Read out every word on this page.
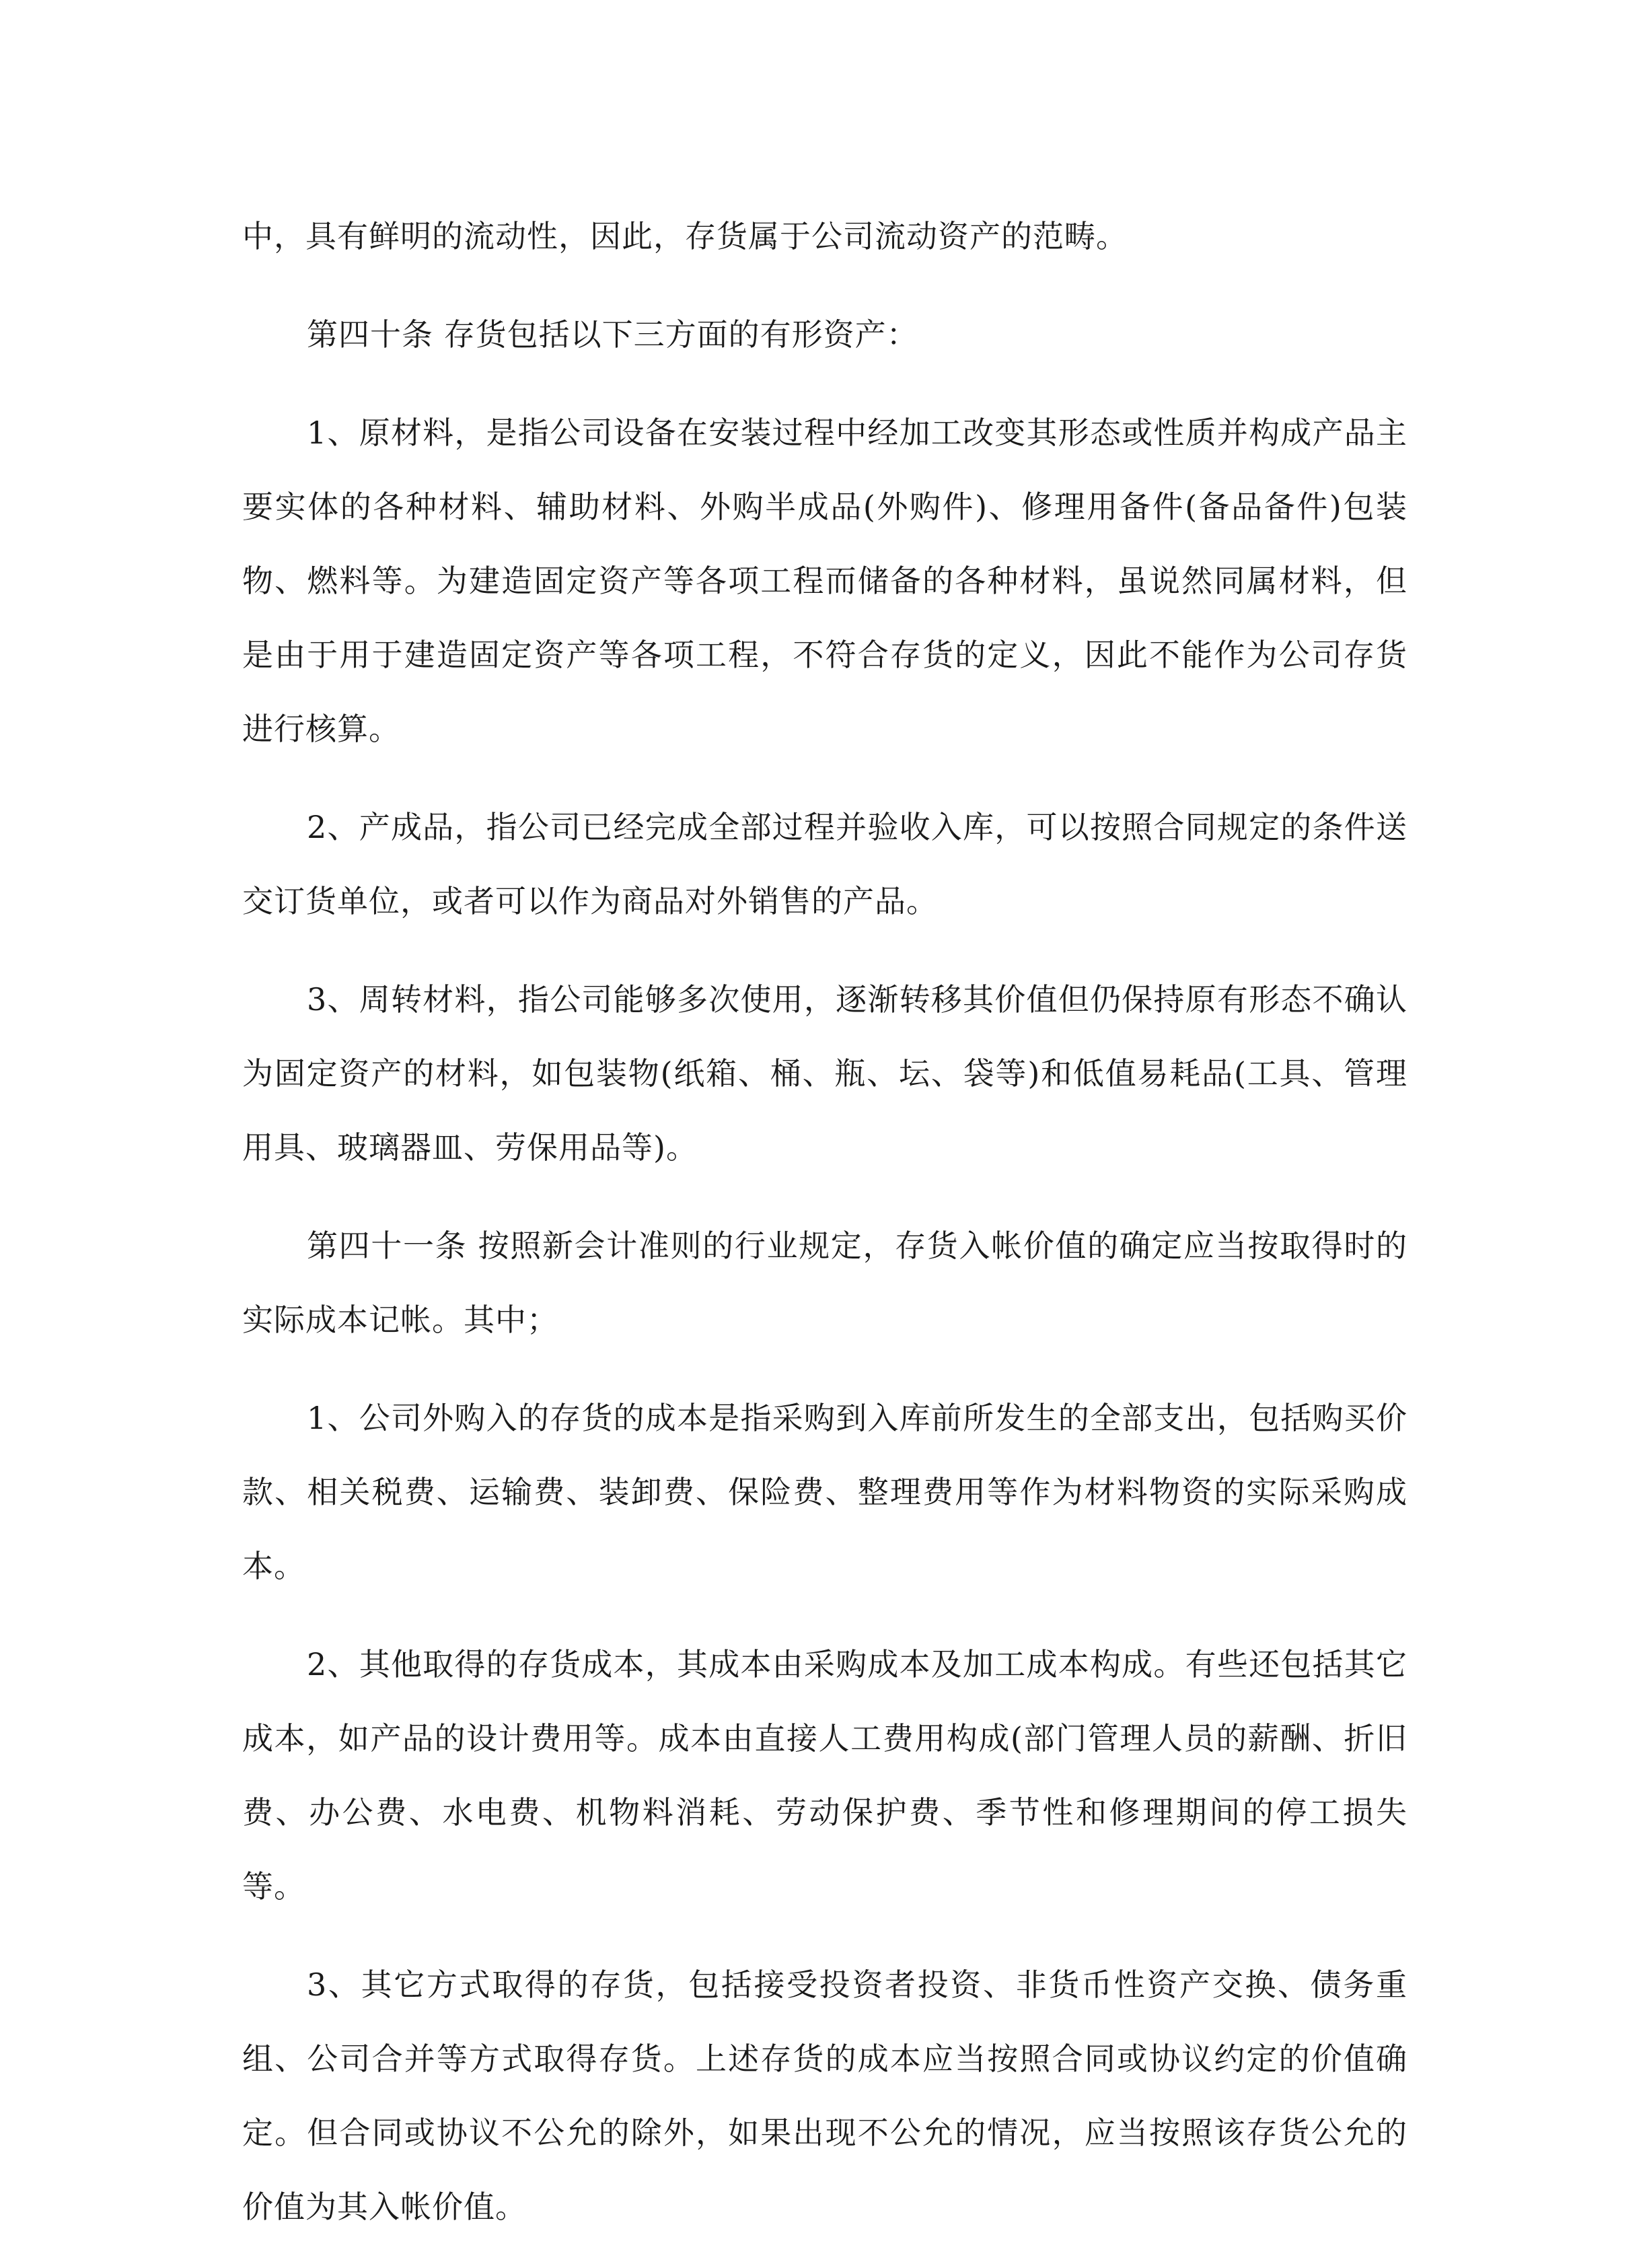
中，具有鲜明的流动性，因此，存货属于公司流动资产的范畴。

第四十条 存货包括以下三方面的有形资产：

1、原材料，是指公司设备在安装过程中经加工改变其形态或性质并构成产品主要实体的各种材料、辅助材料、外购半成品(外购件)、修理用备件(备品备件)包装物、燃料等。为建造固定资产等各项工程而储备的各种材料，虽说然同属材料，但是由于用于建造固定资产等各项工程，不符合存货的定义，因此不能作为公司存货进行核算。

2、产成品，指公司已经完成全部过程并验收入库，可以按照合同规定的条件送交订货单位，或者可以作为商品对外销售的产品。

3、周转材料，指公司能够多次使用，逐渐转移其价值但仍保持原有形态不确认为固定资产的材料，如包装物(纸箱、桶、瓶、坛、袋等)和低值易耗品(工具、管理用具、玻璃器皿、劳保用品等)。

第四十一条 按照新会计准则的行业规定，存货入帐价值的确定应当按取得时的实际成本记帐。其中；

1、公司外购入的存货的成本是指采购到入库前所发生的全部支出，包括购买价款、相关税费、运输费、装卸费、保险费、整理费用等作为材料物资的实际采购成本。

2、其他取得的存货成本，其成本由采购成本及加工成本构成。有些还包括其它成本，如产品的设计费用等。成本由直接人工费用构成(部门管理人员的薪酬、折旧费、办公费、水电费、机物料消耗、劳动保护费、季节性和修理期间的停工损失等。

3、其它方式取得的存货，包括接受投资者投资、非货币性资产交换、债务重组、公司合并等方式取得存货。上述存货的成本应当按照合同或协议约定的价值确定。但合同或协议不公允的除外，如果出现不公允的情况，应当按照该存货公允的价值为其入帐价值。
